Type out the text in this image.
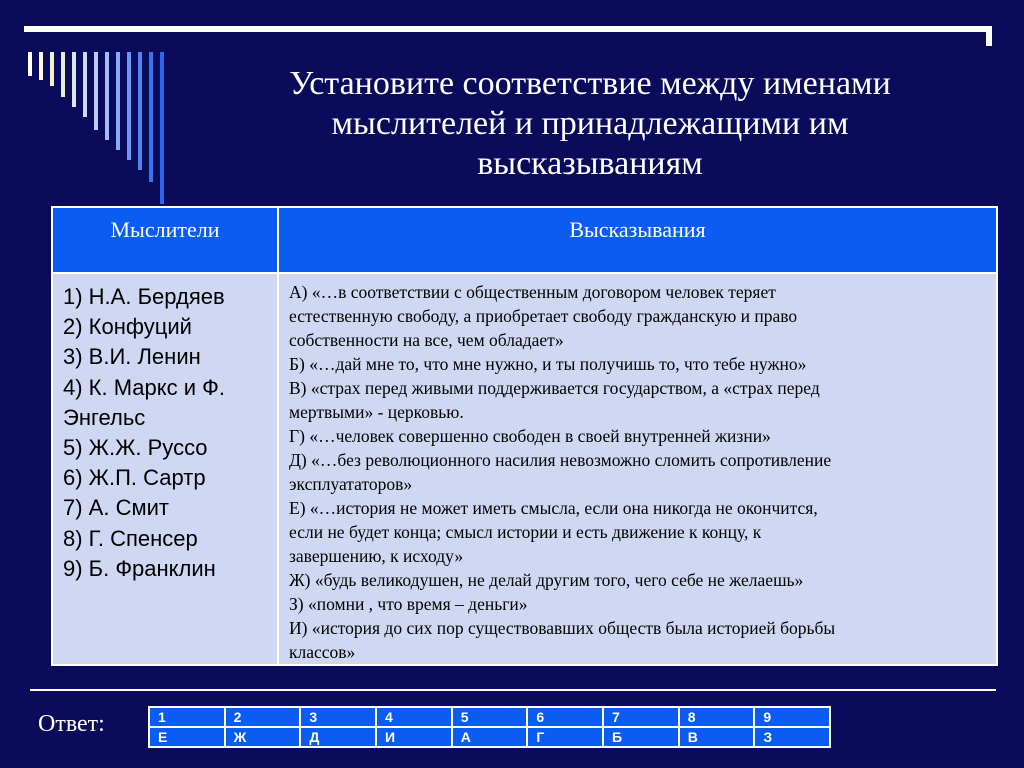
Установите соответствие между именами
мыслителей и принадлежащими им
высказываниям
Мыслители	Высказывания
1) Н.А. Бердяев
2) Конфуций
3) В.И. Ленин
4) К. Маркс и Ф.
Энгельс
5) Ж.Ж. Руссо
6) Ж.П. Сартр
7) А. Смит
8) Г. Спенсер
9) Б. Франклин
А) «…в соответствии с общественным договором человек теряет
естественную свободу, а приобретает свободу гражданскую и право
собственности на все, чем обладает»
Б) «…дай мне то, что мне нужно, и ты получишь то, что тебе нужно»
В) «страх перед живыми поддерживается государством, а «страх перед
мертвыми» - церковью.
Г) «…человек совершенно свободен в своей внутренней жизни»
Д) «…без революционного насилия невозможно сломить сопротивление
эксплуататоров»
Е) «…история не может иметь смысла, если она никогда не окончится,
если не будет конца; смысл истории и есть движение к концу, к
завершению, к исходу»
Ж) «будь великодушен, не делай другим того, чего себе не желаешь»
З) «помни , что время – деньги»
И) «история до сих пор существовавших обществ была историей борьбы
классов»
Ответ:	1	2	3	4	5	6	7	8	9
Е	Ж	Д	И	А	Г	Б	В	З
